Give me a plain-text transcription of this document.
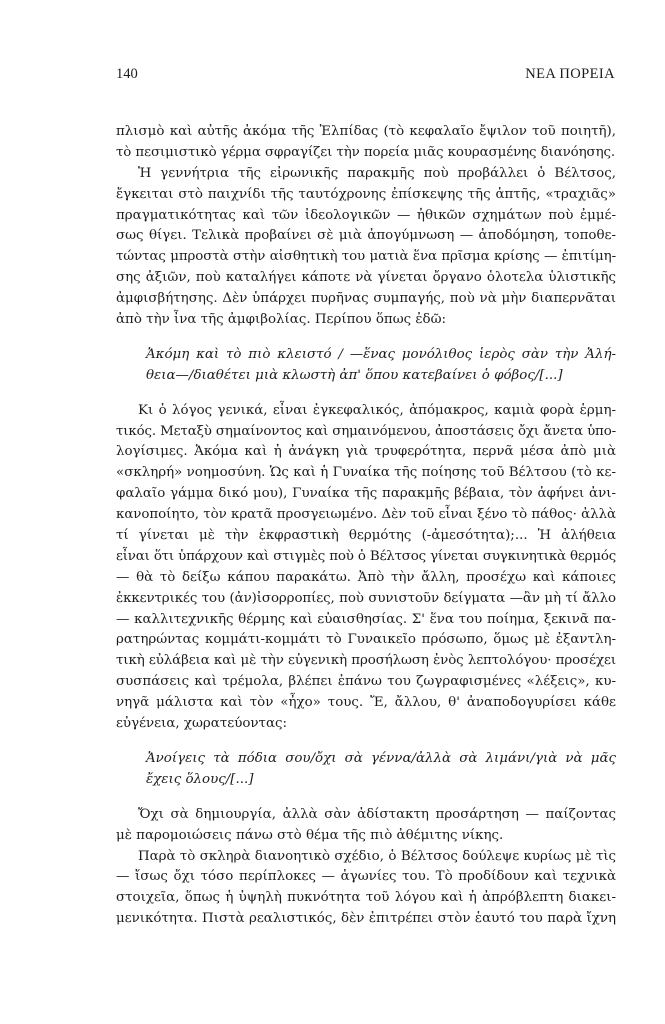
140	ΝΕΑ ΠΟΡΕΙΑ
πλισμὸ καὶ αὐτῆς ἀκόμα τῆς Ἐλπίδας (τὸ κεφαλαῖο ἔψιλον τοῦ ποιητῆ),
τὸ πεσιμιστικὸ γέρμα σφραγίζει τὴν πορεία μιᾶς κουρασμένης διανόησης.
Ἡ γεννήτρια τῆς εἰρωνικῆς παρακμῆς ποὺ προβάλλει ὁ Βέλτσος,
ἔγκειται στὸ παιχνίδι τῆς ταυτόχρονης ἐπίσκεψης τῆς ἁπτῆς, «τραχιᾶς»
πραγματικότητας καὶ τῶν ἰδεολογικῶν — ἠθικῶν σχημάτων ποὺ ἐμμέ-
σως θίγει. Τελικὰ προβαίνει σὲ μιὰ ἀπογύμνωση — ἀποδόμηση, τοποθε-
τώντας μπροστὰ στὴν αἰσθητικὴ του ματιὰ ἕνα πρῖσμα κρίσης — ἐπιτίμη-
σης ἀξιῶν, ποὺ καταλήγει κάποτε νὰ γίνεται ὄργανο ὁλοτελα ὑλιστικῆς
ἀμφισβήτησης. Δὲν ὑπάρχει πυρῆνας συμπαγής, ποὺ νὰ μὴν διαπερνᾶται
ἀπὸ τὴν ἶνα τῆς ἀμφιβολίας. Περίπου ὅπως ἐδῶ:
Ἀκόμη καὶ τὸ πιὸ κλειστό / —ἕνας μονόλιθος ἱερὸς σὰν τὴν Ἀλή-
θεια—/διαθέτει μιὰ κλωστὴ ἀπ' ὅπου κατεβαίνει ὁ φόβος/[...]
Κι ὁ λόγος γενικά, εἶναι ἐγκεφαλικός, ἀπόμακρος, καμιὰ φορὰ ἑρμη-
τικός. Μεταξὺ σημαίνοντος καὶ σημαινόμενου, ἀποστάσεις ὄχι ἄνετα ὑπο-
λογίσιμες. Ἀκόμα καὶ ἡ ἀνάγκη γιὰ τρυφερότητα, περνᾶ μέσα ἀπὸ μιὰ
«σκληρή» νοημοσύνη. Ὡς καὶ ἡ Γυναίκα τῆς ποίησης τοῦ Βέλτσου (τὸ κε-
φαλαῖο γάμμα δικό μου), Γυναίκα τῆς παρακμῆς βέβαια, τὸν ἀφήνει ἀνι-
κανοποίητο, τὸν κρατᾶ προσγειωμένο. Δὲν τοῦ εἶναι ξένο τὸ πάθος· ἀλλὰ
τί γίνεται μὲ τὴν ἐκφραστικὴ θερμότης (-ἀμεσότητα);... Ἡ ἀλήθεια
εἶναι ὅτι ὑπάρχουν καὶ στιγμὲς ποὺ ὁ Βέλτσος γίνεται συγκινητικὰ θερμός
— θὰ τὸ δείξω κάπου παρακάτω. Ἀπὸ τὴν ἄλλη, προσέχω καὶ κάποιες
ἐκκεντρικές του (ἀν)ἰσορροπίες, ποὺ συνιστοῦν δείγματα —ἂν μὴ τί ἄλλο
— καλλιτεχνικῆς θέρμης καὶ εὐαισθησίας. Σ' ἕνα του ποίημα, ξεκινᾶ πα-
ρατηρώντας κομμάτι-κομμάτι τὸ Γυναικεῖο πρόσωπο, ὅμως μὲ ἐξαντλη-
τικὴ εὐλάβεια καὶ μὲ τὴν εὐγενικὴ προσήλωση ἑνὸς λεπτολόγου· προσέχει
συσπάσεις καὶ τρέμολα, βλέπει ἐπάνω του ζωγραφισμένες «λέξεις», κυ-
νηγᾶ μάλιστα καὶ τὸν «ἦχο» τους. Ἔ, ἄλλου, θ' ἀναποδογυρίσει κάθε
εὐγένεια, χωρατεύοντας:
Ἀνοίγεις τὰ πόδια σου/ὄχι σὰ γέννα/ἀλλὰ σὰ λιμάνι/γιὰ νὰ μᾶς
ἔχεις ὅλους/[...]
Ὄχι σὰ δημιουργία, ἀλλὰ σὰν ἀδίστακτη προσάρτηση — παίζοντας
μὲ παρομοιώσεις πάνω στὸ θέμα τῆς πιὸ ἀθέμιτης νίκης.
Παρὰ τὸ σκληρὰ διανοητικὸ σχέδιο, ὁ Βέλτσος δούλεψε κυρίως μὲ τὶς
— ἴσως ὄχι τόσο περίπλοκες — ἀγωνίες του. Τὸ προδίδουν καὶ τεχνικὰ
στοιχεῖα, ὅπως ἡ ὑψηλὴ πυκνότητα τοῦ λόγου καὶ ἡ ἀπρόβλεπτη διακει-
μενικότητα. Πιστὰ ρεαλιστικός, δὲν ἐπιτρέπει στὸν ἑαυτό του παρὰ ἴχνη
